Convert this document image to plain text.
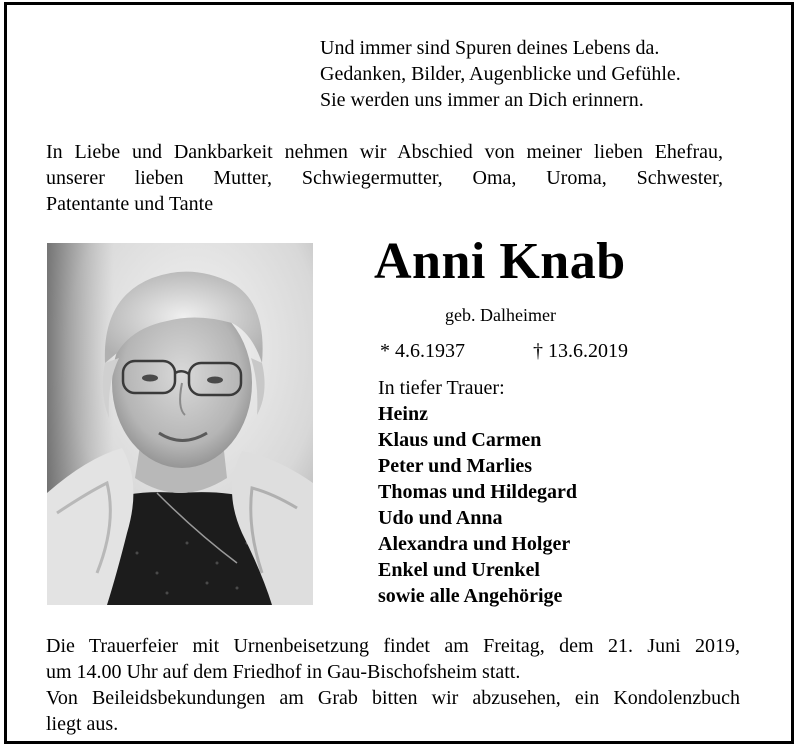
Und immer sind Spuren deines Lebens da.
Gedanken, Bilder, Augenblicke und Gefühle.
Sie werden uns immer an Dich erinnern.
In Liebe und Dankbarkeit nehmen wir Abschied von meiner lieben Ehefrau,
unserer lieben Mutter, Schwiegermutter, Oma, Uroma, Schwester,
Patentante und Tante
Anni Knab
geb. Dalheimer
* 4.6.1937	† 13.6.2019
In tiefer Trauer:
Heinz
Klaus und Carmen
Peter und Marlies
Thomas und Hildegard
Udo und Anna
Alexandra und Holger
Enkel und Urenkel
sowie alle Angehörige
Die Trauerfeier mit Urnenbeisetzung findet am Freitag, dem 21. Juni 2019,
um 14.00 Uhr auf dem Friedhof in Gau-Bischofsheim statt.
Von Beileidsbekundungen am Grab bitten wir abzusehen, ein Kondolenzbuch
liegt aus.
